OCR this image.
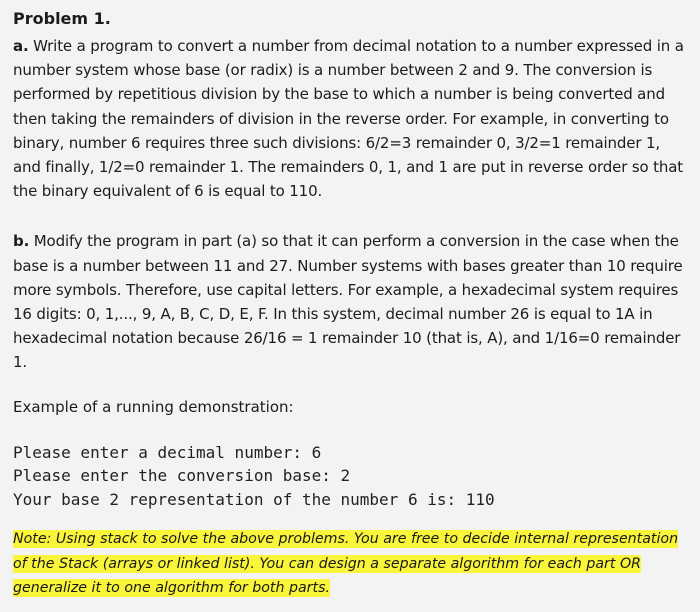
Problem 1.

a. Write a program to convert a number from decimal notation to a number expressed in a number system whose base (or radix) is a number between 2 and 9. The conversion is performed by repetitious division by the base to which a number is being converted and then taking the remainders of division in the reverse order. For example, in converting to binary, number 6 requires three such divisions: 6/2=3 remainder 0, 3/2=1 remainder 1, and finally, 1/2=0 remainder 1. The remainders 0, 1, and 1 are put in reverse order so that the binary equivalent of 6 is equal to 110.

b. Modify the program in part (a) so that it can perform a conversion in the case when the base is a number between 11 and 27. Number systems with bases greater than 10 require more symbols. Therefore, use capital letters. For example, a hexadecimal system requires 16 digits: 0, 1,..., 9, A, B, C, D, E, F. In this system, decimal number 26 is equal to 1A in hexadecimal notation because 26/16 = 1 remainder 10 (that is, A), and 1/16=0 remainder 1.

Example of a running demonstration:

Please enter a decimal number: 6
Please enter the conversion base: 2
Your base 2 representation of the number 6 is: 110
Note: Using stack to solve the above problems. You are free to decide internal representation of the Stack (arrays or linked list). You can design a separate algorithm for each part OR generalize it to one algorithm for both parts.
